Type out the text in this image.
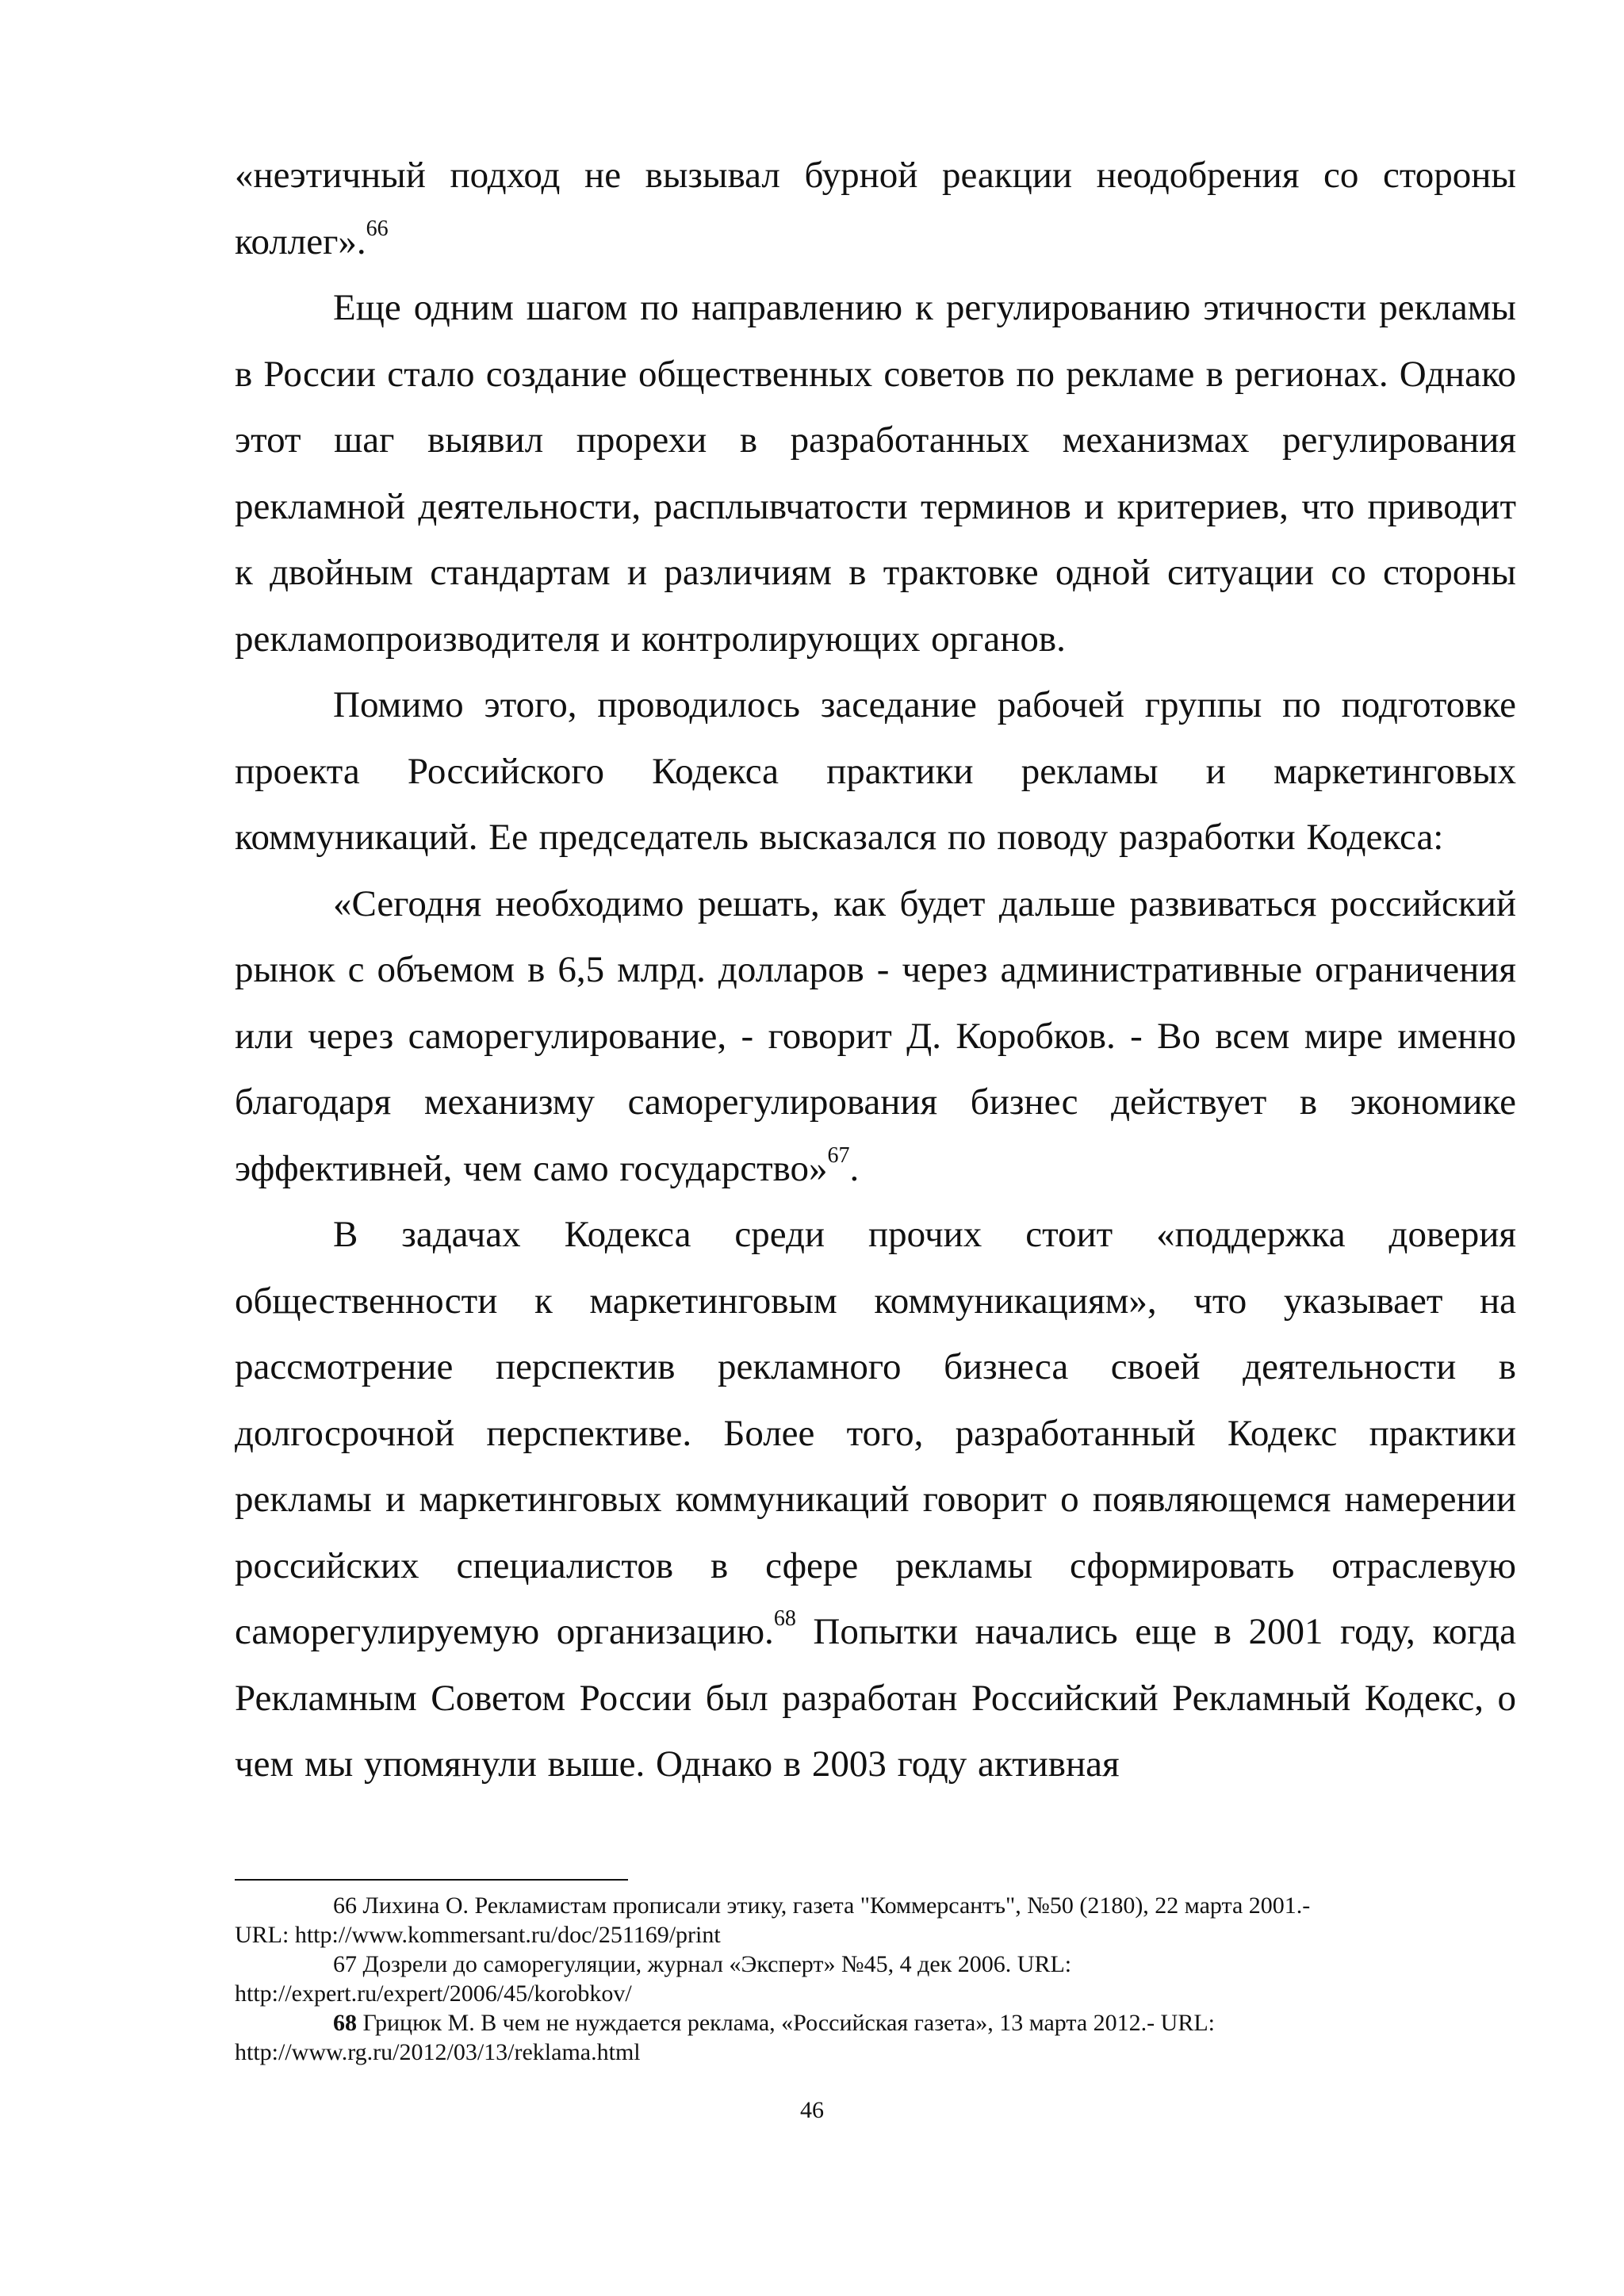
«неэтичный подход не вызывал бурной реакции неодобрения со стороны коллег».$^{66}$

Еще одним шагом по направлению к регулированию этичности рекламы в России стало создание общественных советов по рекламе в регионах. Однако этот шаг выявил прорехи в разработанных механизмах регулирования рекламной деятельности, расплывчатости терминов и критериев, что приводит к двойным стандартам и различиям в трактовке одной ситуации со стороны рекламопроизводителя и контролирующих органов.

Помимо этого, проводилось заседание рабочей группы по подготовке проекта Российского Кодекса практики рекламы и маркетинговых коммуникаций. Ее председатель высказался по поводу разработки Кодекса:

«Сегодня необходимо решать, как будет дальше развиваться российский рынок с объемом в 6,5 млрд. долларов - через административные ограничения или через саморегулирование, - говорит Д. Коробков. - Во всем мире именно благодаря механизму саморегулирования бизнес действует в экономике эффективней, чем само государство»$^{67}$.

В задачах Кодекса среди прочих стоит «поддержка доверия общественности к маркетинговым коммуникациям», что указывает на рассмотрение перспектив рекламного бизнеса своей деятельности в долгосрочной перспективе. Более того, разработанный Кодекс практики рекламы и маркетинговых коммуникаций говорит о появляющемся намерении российских специалистов в сфере рекламы сформировать отраслевую саморегулируемую организацию.$^{68}$ Попытки начались еще в 2001 году, когда Рекламным Советом России был разработан Российский Рекламный Кодекс, о чем мы упомянули выше. Однако в 2003 году активная

66 Лихина О. Рекламистам прописали этику, газета "Коммерсантъ", №50 (2180), 22 марта 2001.-
URL: http://www.kommersant.ru/doc/251169/print

67 Дозрели до саморегуляции, журнал «Эксперт» №45, 4 дек 2006. URL:
http://expert.ru/expert/2006/45/korobkov/

68 Грицюк М. В чем не нуждается реклама, «Российская газета», 13 марта 2012.- URL:
http://www.rg.ru/2012/03/13/reklama.html

46
